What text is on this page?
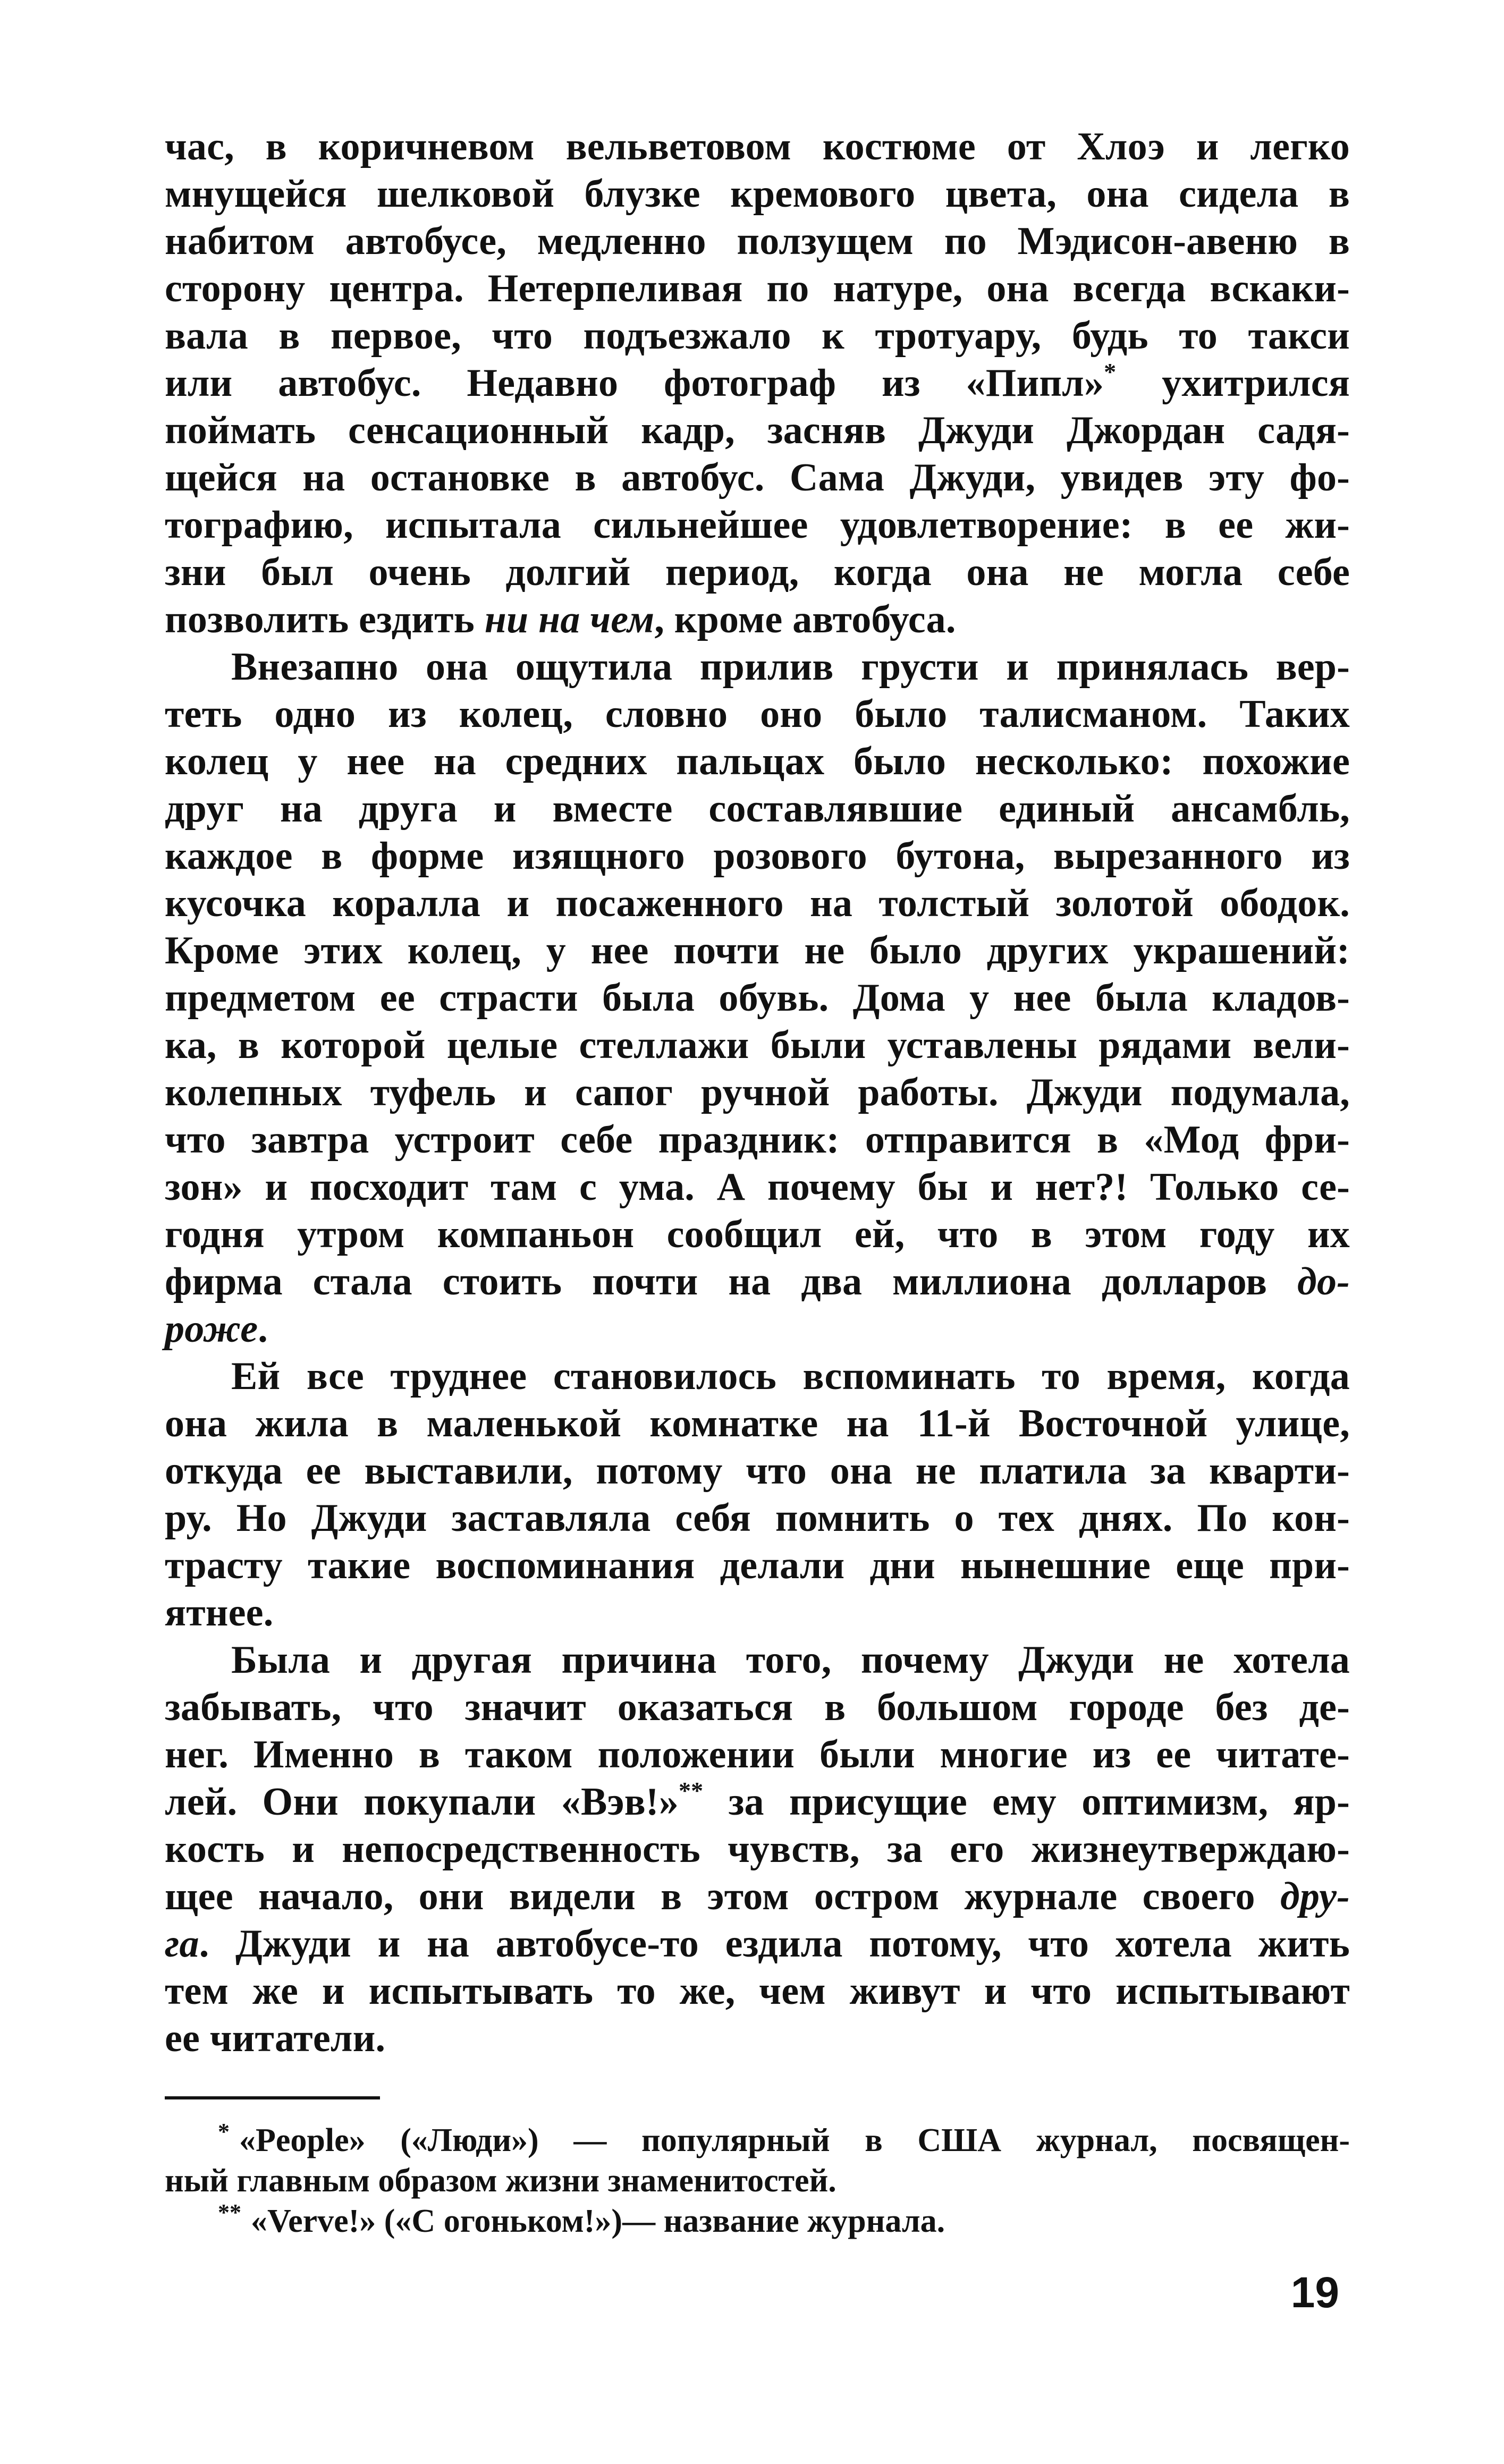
час, в коричневом вельветовом костюме от Хлоэ и легко
мнущейся шелковой блузке кремового цвета, она сидела в
набитом автобусе, медленно ползущем по Мэдисон-авеню в
сторону центра. Нетерпеливая по натуре, она всегда вскаки-
вала в первое, что подъезжало к тротуару, будь то такси
или автобус. Недавно фотограф из «Пипл»* ухитрился
поймать сенсационный кадр, засняв Джуди Джордан садя-
щейся на остановке в автобус. Сама Джуди, увидев эту фо-
тографию, испытала сильнейшее удовлетворение: в ее жи-
зни был очень долгий период, когда она не могла себе
позволить ездить ни на чем, кроме автобуса.
Внезапно она ощутила прилив грусти и принялась вер-
теть одно из колец, словно оно было талисманом. Таких
колец у нее на средних пальцах было несколько: похожие
друг на друга и вместе составлявшие единый ансамбль,
каждое в форме изящного розового бутона, вырезанного из
кусочка коралла и посаженного на толстый золотой ободок.
Кроме этих колец, у нее почти не было других украшений:
предметом ее страсти была обувь. Дома у нее была кладов-
ка, в которой целые стеллажи были уставлены рядами вели-
колепных туфель и сапог ручной работы. Джуди подумала,
что завтра устроит себе праздник: отправится в «Мод фри-
зон» и посходит там с ума. А почему бы и нет?! Только се-
годня утром компаньон сообщил ей, что в этом году их
фирма стала стоить почти на два миллиона долларов до-
роже.
Ей все труднее становилось вспоминать то время, когда
она жила в маленькой комнатке на 11-й Восточной улице,
откуда ее выставили, потому что она не платила за кварти-
ру. Но Джуди заставляла себя помнить о тех днях. По кон-
трасту такие воспоминания делали дни нынешние еще при-
ятнее.
Была и другая причина того, почему Джуди не хотела
забывать, что значит оказаться в большом городе без де-
нег. Именно в таком положении были многие из ее читате-
лей. Они покупали «Вэв!»** за присущие ему оптимизм, яр-
кость и непосредственность чувств, за его жизнеутверждаю-
щее начало, они видели в этом остром журнале своего дру-
га. Джуди и на автобусе-то ездила потому, что хотела жить
тем же и испытывать то же, чем живут и что испытывают
ее читатели.
* «People» («Люди») — популярный в США журнал, посвящен-
ный главным образом жизни знаменитостей.
** «Verve!» («С огоньком!»)— название журнала.
19
